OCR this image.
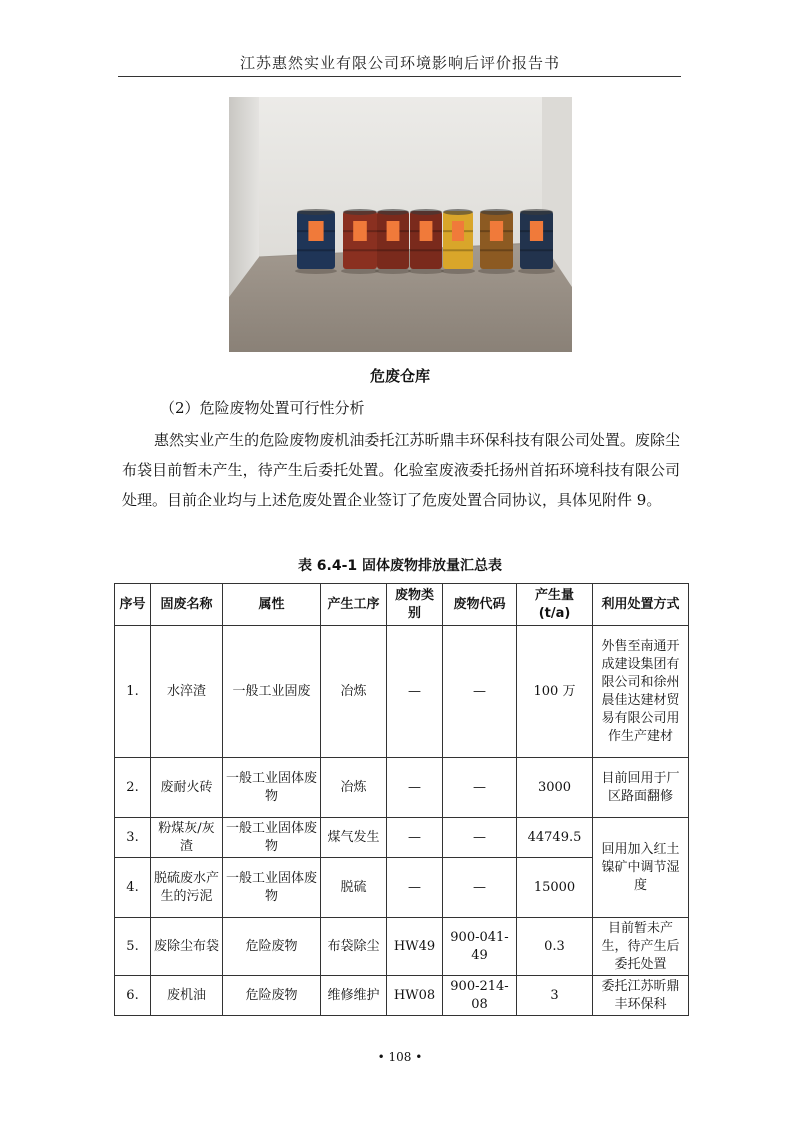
江苏惠然实业有限公司环境影响后评价报告书
危废仓库
（2）危险废物处置可行性分析
惠然实业产生的危险废物废机油委托江苏昕鼎丰环保科技有限公司处置。废除尘布袋目前暂未产生，待产生后委托处置。化验室废液委托扬州首拓环境科技有限公司处理。目前企业均与上述危废处置企业签订了危废处置合同协议，具体见附件 9。
表 6.4-1 固体废物排放量汇总表
序号	固废名称	属性	产生工序	废物类别	废物代码	产生量(t/a)	利用处置方式
1.	水淬渣	一般工业固废	冶炼	—	—	100 万	外售至南通开成建设集团有限公司和徐州晨佳达建材贸易有限公司用作生产建材
2.	废耐火砖	一般工业固体废物	冶炼	—	—	3000	目前回用于厂区路面翻修
3.	粉煤灰/灰渣	一般工业固体废物	煤气发生	—	—	44749.5	回用加入红土镍矿中调节湿度
4.	脱硫废水产生的污泥	一般工业固体废物	脱硫	—	—	15000	
5.	废除尘布袋	危险废物	布袋除尘	HW49	900-041-49	0.3	目前暂未产生，待产生后委托处置
6.	废机油	危险废物	维修维护	HW08	900-214-08	3	委托江苏昕鼎丰环保科
• 108 •
